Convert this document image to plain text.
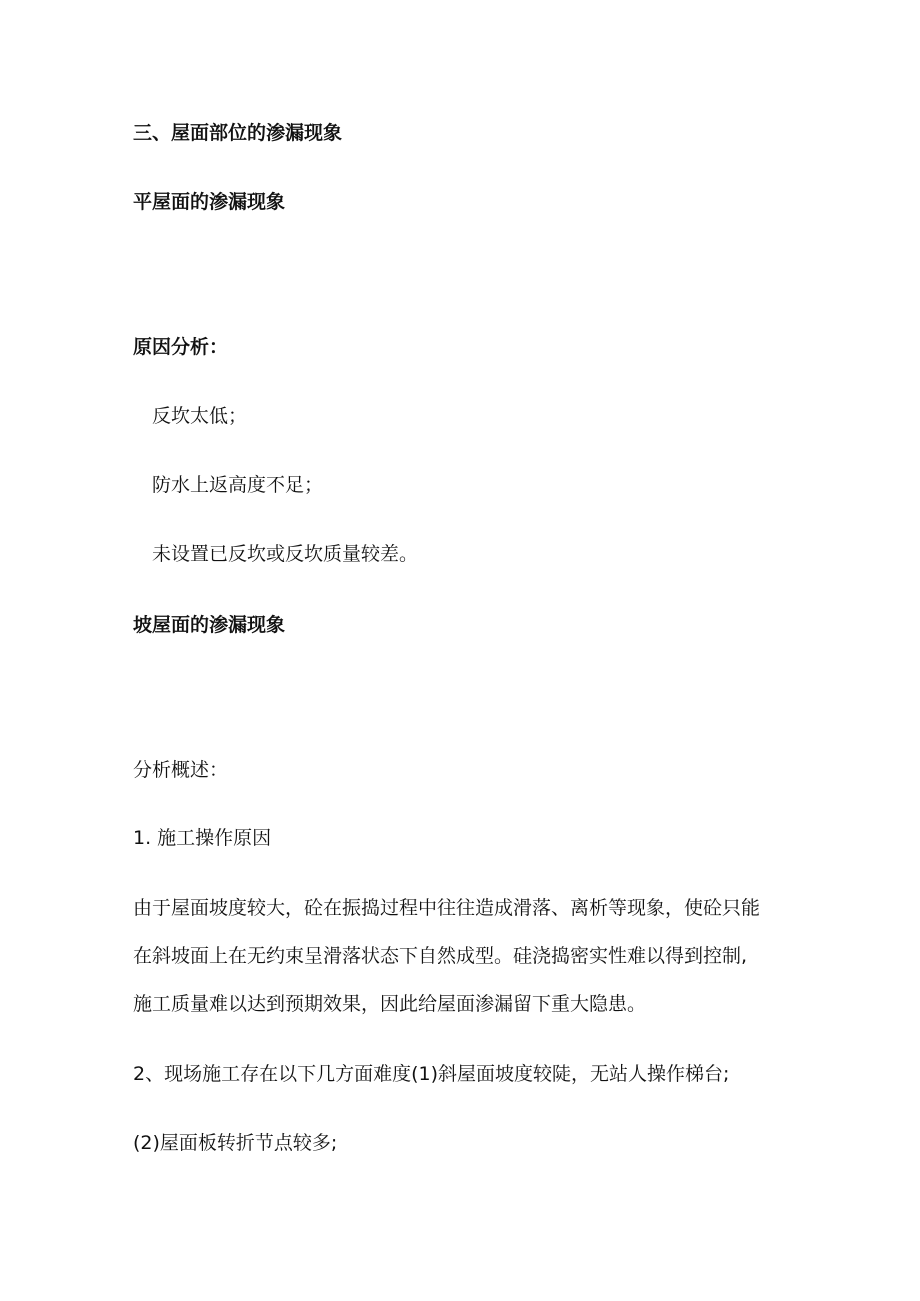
三、屋面部位的渗漏现象
平屋面的渗漏现象
原因分析：
反坎太低；
防水上返高度不足；
未设置已反坎或反坎质量较差。
坡屋面的渗漏现象
分析概述：
1. 施工操作原因
由于屋面坡度较大，砼在振捣过程中往往造成滑落、离析等现象，使砼只能
在斜坡面上在无约束呈滑落状态下自然成型。硅浇捣密实性难以得到控制,
施工质量难以达到预期效果，因此给屋面渗漏留下重大隐患。
2、现场施工存在以下几方面难度(1)斜屋面坡度较陡，无站人操作梯台;
(2)屋面板转折节点较多;
